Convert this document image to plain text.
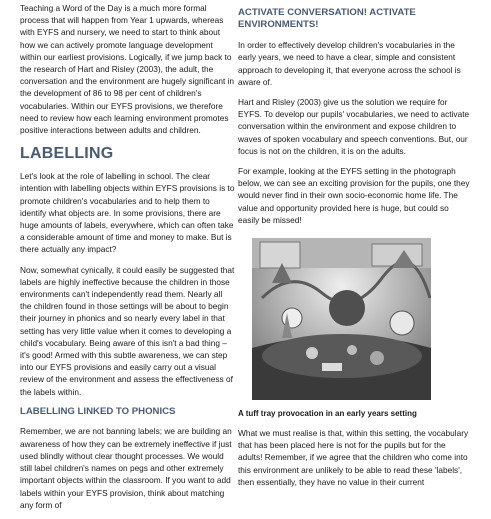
Teaching a Word of the Day is a much more formal process that will happen from Year 1 upwards, whereas with EYFS and nursery, we need to start to think about how we can actively promote language development within our earliest provisions. Logically, if we jump back to the research of Hart and Risley (2003), the adult, the conversation and the environment are hugely significant in the development of 86 to 98 per cent of children's vocabularies. Within our EYFS provisions, we therefore need to review how each learning environment promotes positive interactions between adults and children.

LABELLING

Let's look at the role of labelling in school. The clear intention with labelling objects within EYFS provisions is to promote children's vocabularies and to help them to identify what objects are. In some provisions, there are huge amounts of labels, everywhere, which can often take a considerable amount of time and money to make. But is there actually any impact?

Now, somewhat cynically, it could easily be suggested that labels are highly ineffective because the children in those environments can't independently read them. Nearly all the children found in those settings will be about to begin their journey in phonics and so nearly every label in that setting has very little value when it comes to developing a child's vocabulary. Being aware of this isn't a bad thing – it's good! Armed with this subtle awareness, we can step into our EYFS provisions and easily carry out a visual review of the environment and assess the effectiveness of the labels within.

LABELLING LINKED TO PHONICS

Remember, we are not banning labels; we are building an awareness of how they can be extremely ineffective if just used blindly without clear thought processes. We would still label children's names on pegs and other extremely important objects within the classroom. If you want to add labels within your EYFS provision, think about matching any form of

ACTIVATE CONVERSATION! ACTIVATE ENVIRONMENTS!

In order to effectively develop children's vocabularies in the early years, we need to have a clear, simple and consistent approach to developing it, that everyone across the school is aware of.

Hart and Risley (2003) give us the solution we require for EYFS. To develop our pupils' vocabularies, we need to activate conversation within the environment and expose children to waves of spoken vocabulary and speech conventions. But, our focus is not on the children, it is on the adults.

For example, looking at the EYFS setting in the photograph below, we can see an exciting provision for the pupils, one they would never find in their own socio-economic home life. The value and opportunity provided here is huge, but could so easily be missed!

A tuff tray provocation in an early years setting

What we must realise is that, within this setting, the vocabulary that has been placed here is not for the pupils but for the adults! Remember, if we agree that the children who come into this environment are unlikely to be able to read these 'labels', then essentially, they have no value in their current
